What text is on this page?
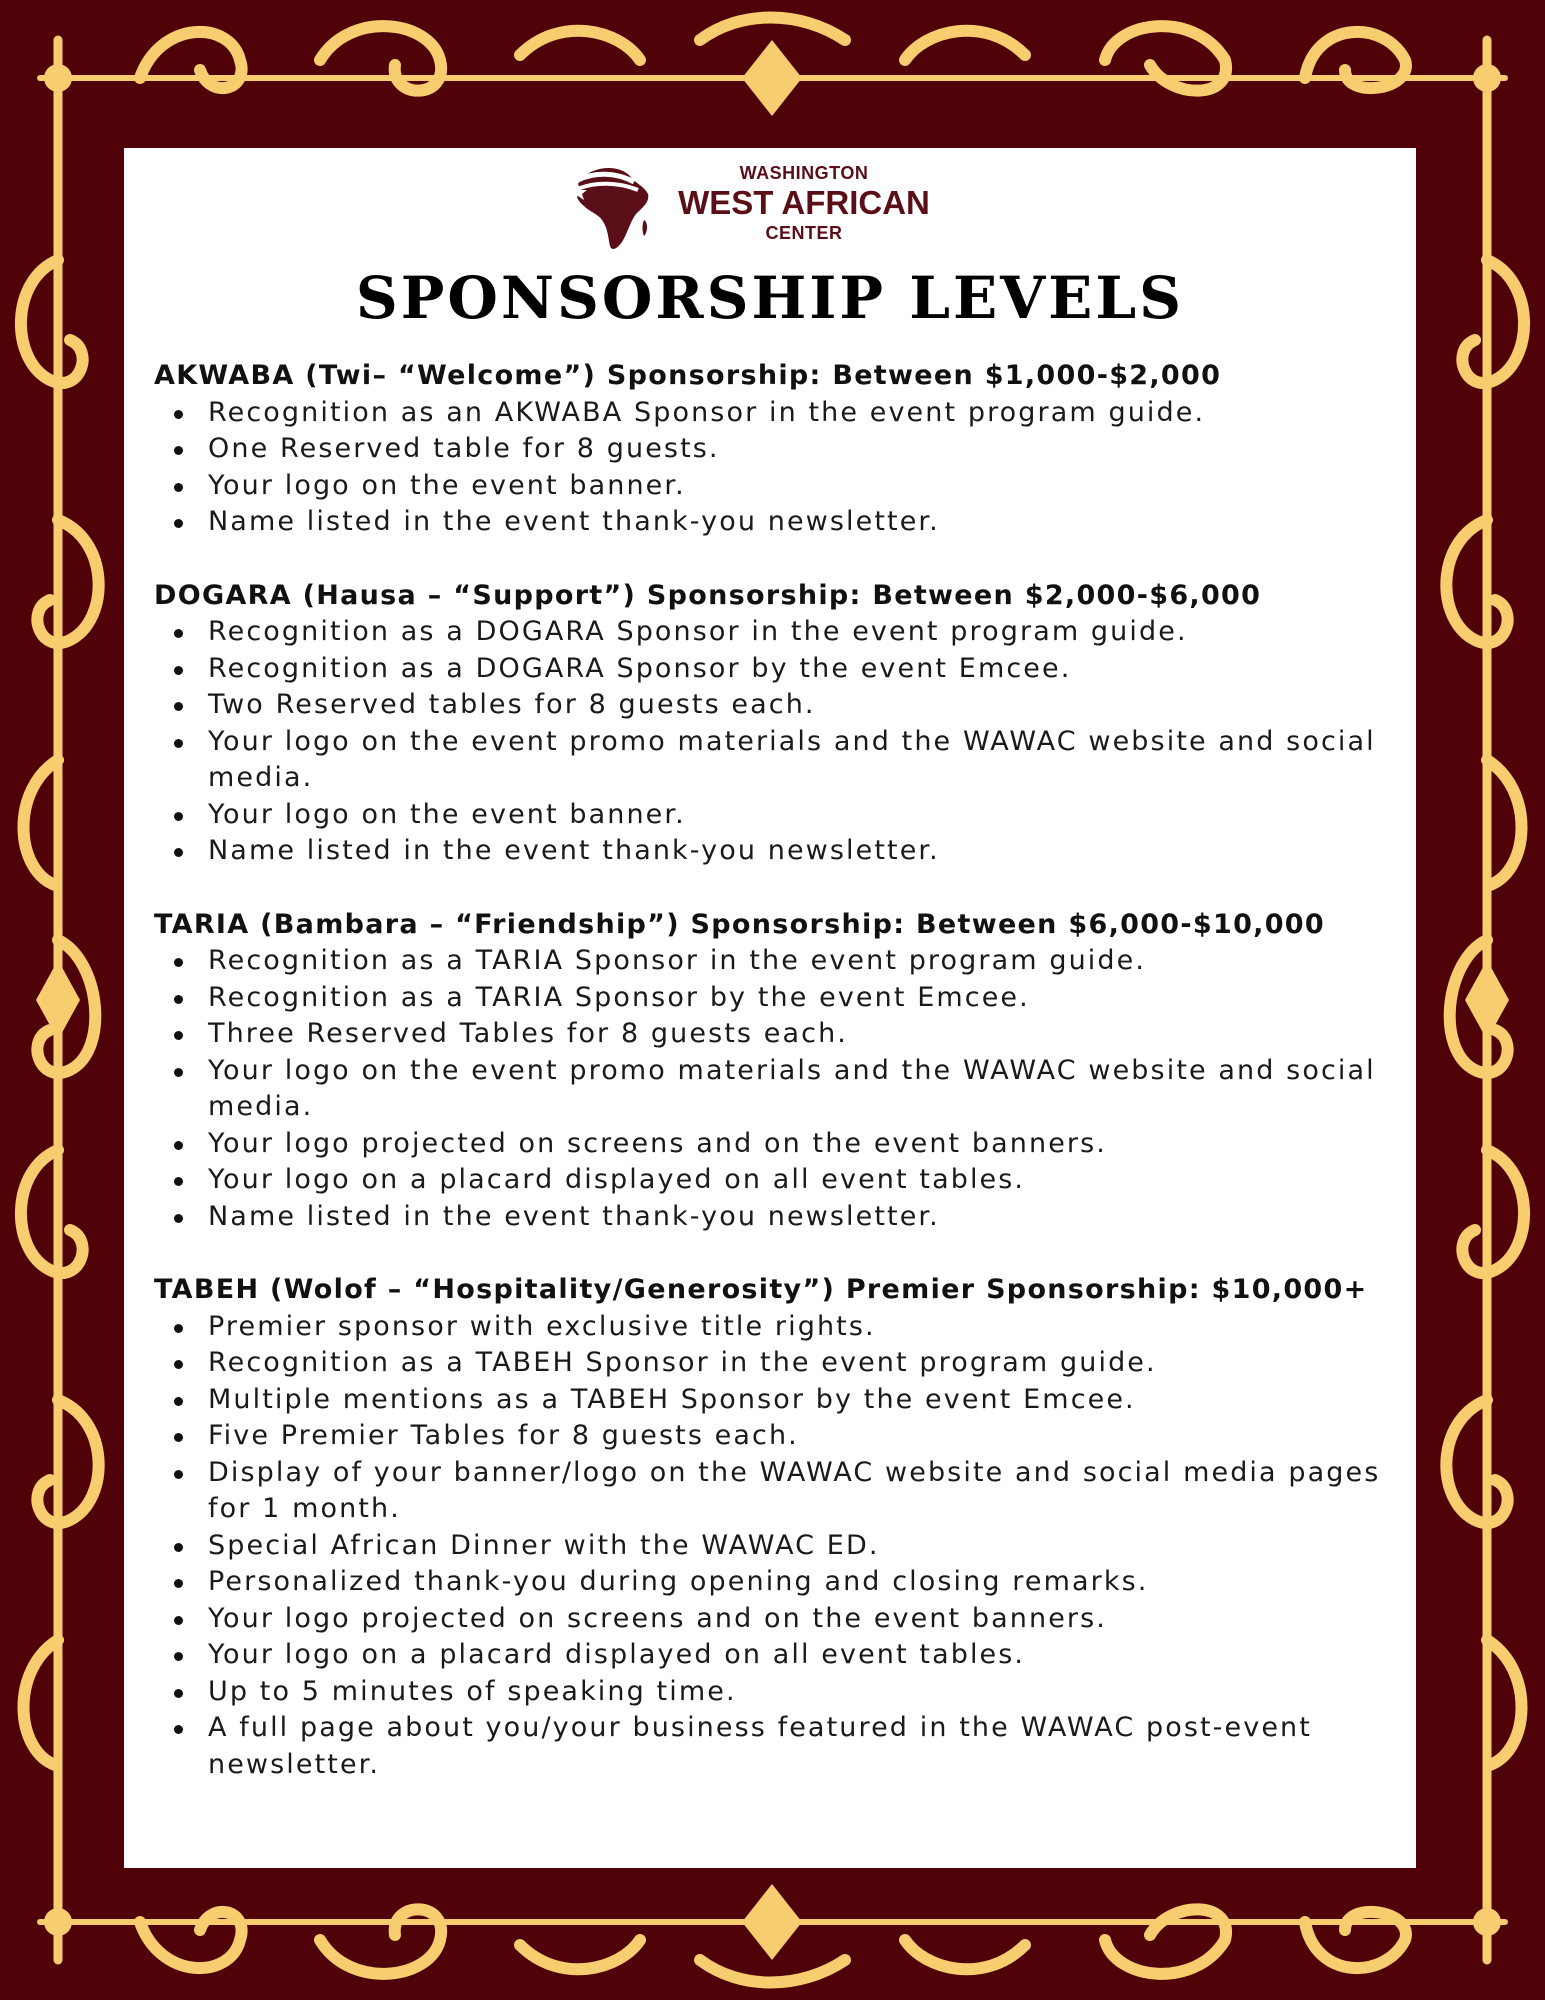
WASHINGTON
WEST AFRICAN
CENTER
SPONSORSHIP LEVELS
AKWABA (Twi– “Welcome”) Sponsorship: Between $1,000-$2,000
Recognition as an AKWABA Sponsor in the event program guide.
One Reserved table for 8 guests.
Your logo on the event banner.
Name listed in the event thank-you newsletter.
DOGARA (Hausa – “Support”) Sponsorship: Between $2,000-$6,000
Recognition as a DOGARA Sponsor in the event program guide.
Recognition as a DOGARA Sponsor by the event Emcee.
Two Reserved tables for 8 guests each.
Your logo on the event promo materials and the WAWAC website and social media.
Your logo on the event banner.
Name listed in the event thank-you newsletter.
TARIA (Bambara – “Friendship”) Sponsorship: Between $6,000-$10,000
Recognition as a TARIA Sponsor in the event program guide.
Recognition as a TARIA Sponsor by the event Emcee.
Three Reserved Tables for 8 guests each.
Your logo on the event promo materials and the WAWAC website and social media.
Your logo projected on screens and on the event banners.
Your logo on a placard displayed on all event tables.
Name listed in the event thank-you newsletter.
TABEH (Wolof – “Hospitality/Generosity”) Premier Sponsorship: $10,000+
Premier sponsor with exclusive title rights.
Recognition as a TABEH Sponsor in the event program guide.
Multiple mentions as a TABEH Sponsor by the event Emcee.
Five Premier Tables for 8 guests each.
Display of your banner/logo on the WAWAC website and social media pages for 1 month.
Special African Dinner with the WAWAC ED.
Personalized thank-you during opening and closing remarks.
Your logo projected on screens and on the event banners.
Your logo on a placard displayed on all event tables.
Up to 5 minutes of speaking time.
A full page about you/your business featured in the WAWAC post-event newsletter.
